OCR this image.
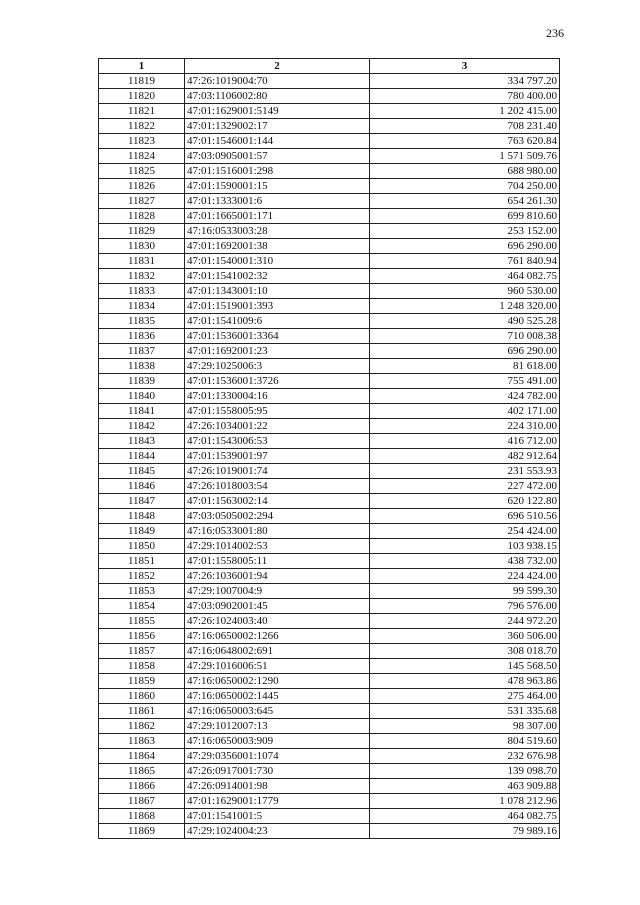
236
1	2	3
11819	47:26:1019004:70	334 797.20
11820	47:03:1106002:80	780 400.00
11821	47:01:1629001:5149	1 202 415.00
11822	47:01:1329002:17	708 231.40
11823	47:01:1546001:144	763 620.84
11824	47:03:0905001:57	1 571 509.76
11825	47:01:1516001:298	688 980.00
11826	47:01:1590001:15	704 250.00
11827	47:01:1333001:6	654 261.30
11828	47:01:1665001:171	699 810.60
11829	47:16:0533003:28	253 152.00
11830	47:01:1692001:38	696 290.00
11831	47:01:1540001:310	761 840.94
11832	47:01:1541002:32	464 082.75
11833	47:01:1343001:10	960 530.00
11834	47:01:1519001:393	1 248 320.00
11835	47:01:1541009:6	490 525.28
11836	47:01:1536001:3364	710 008.38
11837	47:01:1692001:23	696 290.00
11838	47:29:1025006:3	81 618.00
11839	47:01:1536001:3726	755 491.00
11840	47:01:1330004:16	424 782.00
11841	47:01:1558005:95	402 171.00
11842	47:26:1034001:22	224 310.00
11843	47:01:1543006:53	416 712.00
11844	47:01:1539001:97	482 912.64
11845	47:26:1019001:74	231 553.93
11846	47:26:1018003:54	227 472.00
11847	47:01:1563002:14	620 122.80
11848	47:03:0505002:294	696 510.56
11849	47:16:0533001:80	254 424.00
11850	47:29:1014002:53	103 938.15
11851	47:01:1558005:11	438 732.00
11852	47:26:1036001:94	224 424.00
11853	47:29:1007004:9	99 599.30
11854	47:03:0902001:45	796 576.00
11855	47:26:1024003:40	244 972.20
11856	47:16:0650002:1266	360 506.00
11857	47:16:0648002:691	308 018.70
11858	47:29:1016006:51	145 568.50
11859	47:16:0650002:1290	478 963.86
11860	47:16:0650002:1445	275 464.00
11861	47:16:0650003:645	531 335.68
11862	47:29:1012007:13	98 307.00
11863	47:16:0650003:909	804 519.60
11864	47:29:0356001:1074	232 676.98
11865	47:26:0917001:730	139 098.70
11866	47:26:0914001:98	463 909.88
11867	47:01:1629001:1779	1 078 212.96
11868	47:01:1541001:5	464 082.75
11869	47:29:1024004:23	79 989.16
